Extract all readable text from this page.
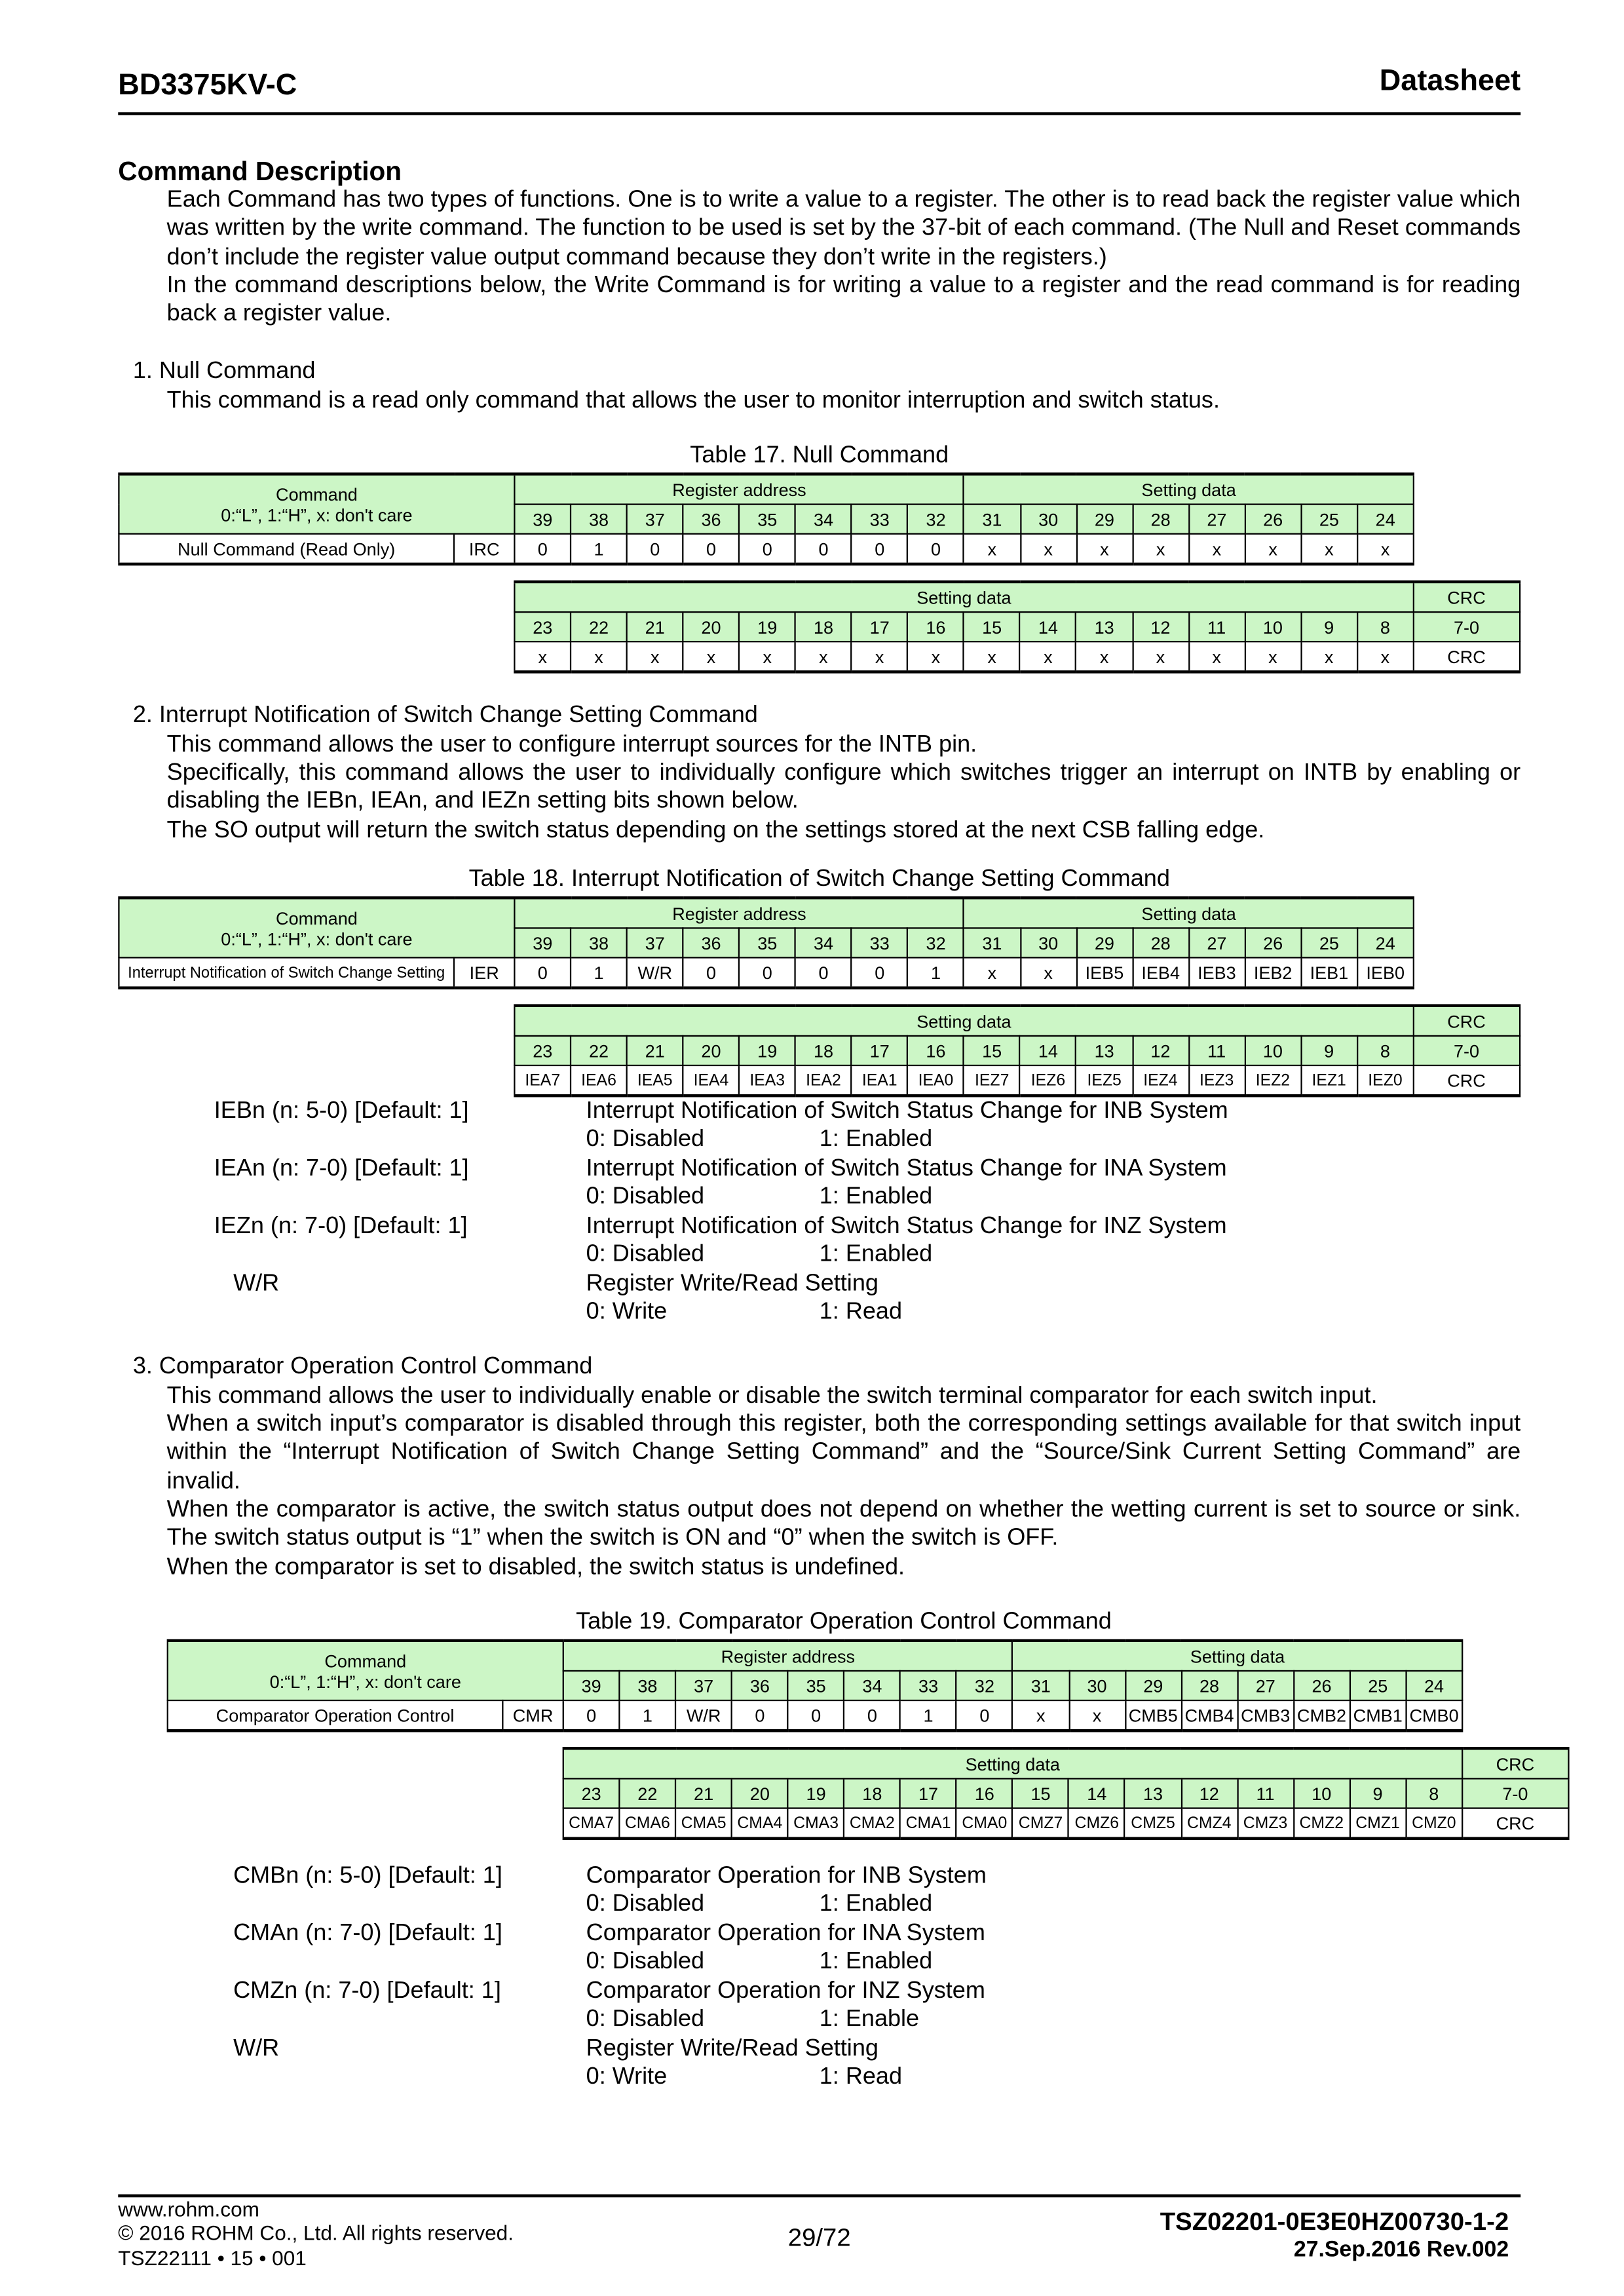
BD3375KV-C	Datasheet
Command Description
Each Command has two types of functions. One is to write a value to a register. The other is to read back the register value which was written by the write command. The function to be used is set by the 37-bit of each command. (The Null and Reset commands don’t include the register value output command because they don’t write in the registers.)
In the command descriptions below, the Write Command is for writing a value to a register and the read command is for reading back a register value.
1. Null Command
This command is a read only command that allows the user to monitor interruption and switch status.
Table 17. Null Command
Command
0:“L”, 1:“H”, x: don't care		Register address								Setting data							
		39	38	37	36	35	34	33	32	31	30	29	28	27	26	25	24
Null Command (Read Only)	IRC	0	1	0	0	0	0	0	0	x	x	x	x	x	x	x	x
Setting data																CRC
23	22	21	20	19	18	17	16	15	14	13	12	11	10	9	8	7-0
x	x	x	x	x	x	x	x	x	x	x	x	x	x	x	x	CRC
2. Interrupt Notification of Switch Change Setting Command
This command allows the user to configure interrupt sources for the INTB pin.
Specifically, this command allows the user to individually configure which switches trigger an interrupt on INTB by enabling or disabling the IEBn, IEAn, and IEZn setting bits shown below.
The SO output will return the switch status depending on the settings stored at the next CSB falling edge.
Table 18. Interrupt Notification of Switch Change Setting Command
Command
0:“L”, 1:“H”, x: don't care		Register address								Setting data							
		39	38	37	36	35	34	33	32	31	30	29	28	27	26	25	24
Interrupt Notification of Switch Change Setting	IER	0	1	W/R	0	0	0	0	1	x	x	IEB5	IEB4	IEB3	IEB2	IEB1	IEB0
Setting data																CRC
23	22	21	20	19	18	17	16	15	14	13	12	11	10	9	8	7-0
IEA7	IEA6	IEA5	IEA4	IEA3	IEA2	IEA1	IEA0	IEZ7	IEZ6	IEZ5	IEZ4	IEZ3	IEZ2	IEZ1	IEZ0	CRC
IEBn (n: 5-0) [Default: 1]	Interrupt Notification of Switch Status Change for INB System
0: Disabled	1: Enabled
IEAn (n: 7-0) [Default: 1]	Interrupt Notification of Switch Status Change for INA System
0: Disabled	1: Enabled
IEZn (n: 7-0) [Default: 1]	Interrupt Notification of Switch Status Change for INZ System
0: Disabled	1: Enabled
W/R	Register Write/Read Setting
0: Write	1: Read
3. Comparator Operation Control Command
This command allows the user to individually enable or disable the switch terminal comparator for each switch input.
When a switch input’s comparator is disabled through this register, both the corresponding settings available for that switch input within the “Interrupt Notification of Switch Change Setting Command” and the “Source/Sink Current Setting Command” are invalid.
When the comparator is active, the switch status output does not depend on whether the wetting current is set to source or sink. The switch status output is “1” when the switch is ON and “0” when the switch is OFF.
When the comparator is set to disabled, the switch status is undefined.
Table 19. Comparator Operation Control Command
Command
0:“L”, 1:“H”, x: don't care		Register address								Setting data							
		39	38	37	36	35	34	33	32	31	30	29	28	27	26	25	24
Comparator Operation Control	CMR	0	1	W/R	0	0	0	1	0	x	x	CMB5	CMB4	CMB3	CMB2	CMB1	CMB0
Setting data																CRC
23	22	21	20	19	18	17	16	15	14	13	12	11	10	9	8	7-0
CMA7	CMA6	CMA5	CMA4	CMA3	CMA2	CMA1	CMA0	CMZ7	CMZ6	CMZ5	CMZ4	CMZ3	CMZ2	CMZ1	CMZ0	CRC
CMBn (n: 5-0) [Default: 1]	Comparator Operation for INB System
0: Disabled	1: Enabled
CMAn (n: 7-0) [Default: 1]	Comparator Operation for INA System
0: Disabled	1: Enabled
CMZn (n: 7-0) [Default: 1]	Comparator Operation for INZ System
0: Disabled	1: Enable
W/R	Register Write/Read Setting
0: Write	1: Read
www.rohm.com
© 2016 ROHM Co., Ltd. All rights reserved.
TSZ22111 • 15 • 001
29/72
TSZ02201-0E3E0HZ00730-1-2
27.Sep.2016 Rev.002
